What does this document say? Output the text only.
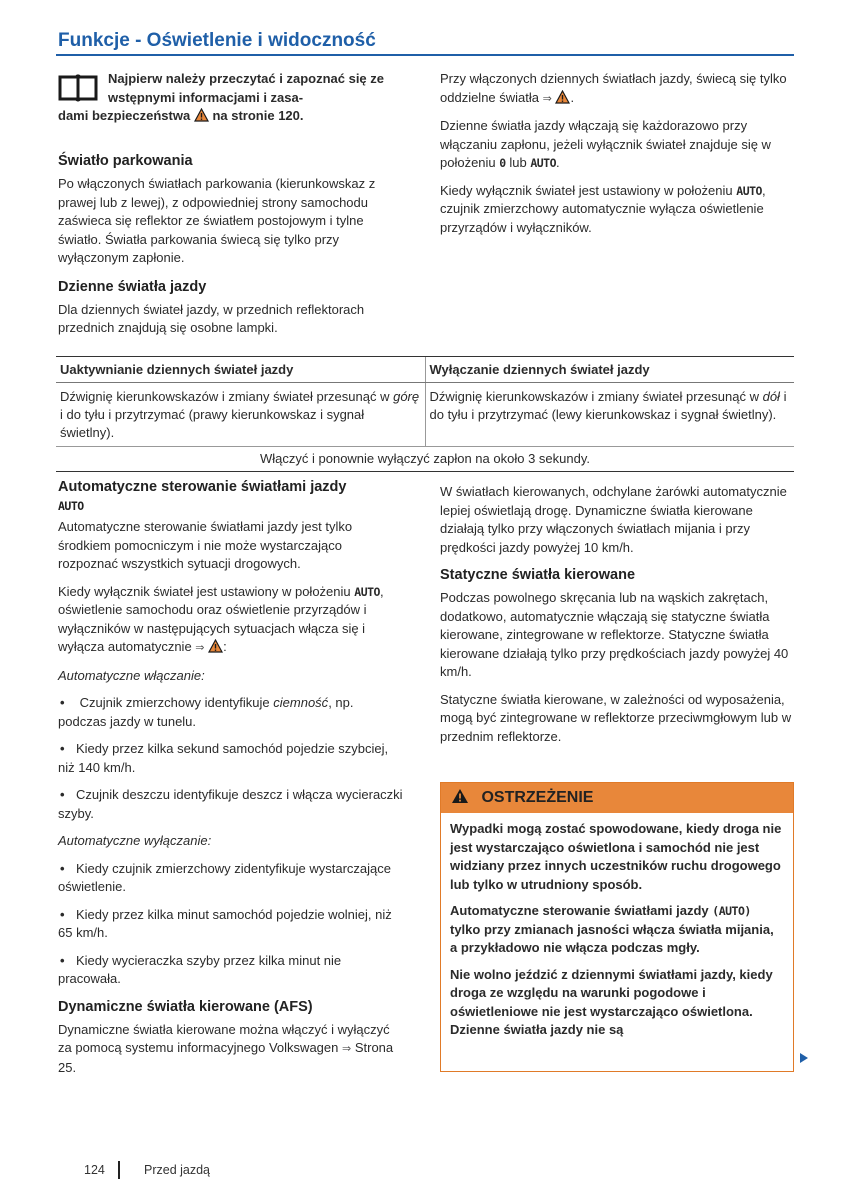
Funkcje - Oświetlenie i widoczność
Najpierw należy przeczytać i zapoznać się ze wstępnymi informacjami i zasa-
dami bezpieczeństwa na stronie 120.
Światło parkowania

Po włączonych światłach parkowania (kierunkowskaz z prawej lub z lewej), z odpowiedniej strony samochodu zaświeca się reflektor ze światłem postojowym i tylne światło. Światła parkowania świecą się tylko przy wyłączonym zapłonie.

Dzienne światła jazdy

Dla dziennych świateł jazdy, w przednich reflektorach przednich znajdują się osobne lampki.

Przy włączonych dziennych światłach jazdy, świecą się tylko oddzielne światła ⇒ .

Dzienne światła jazdy włączają się każdorazowo przy włączaniu zapłonu, jeżeli wyłącznik świateł znajduje się w położeniu 0 lub AUTO.

Kiedy wyłącznik świateł jest ustawiony w położeniu AUTO, czujnik zmierzchowy automatycznie wyłącza oświetlenie przyrządów i wyłączników.

Uaktywnianie dziennych świateł jazdy	Wyłączanie dziennych świateł jazdy
Dźwignię kierunkowskazów i zmiany świateł przesunąć w górę i do tyłu i przytrzymać (prawy kierunkowskaz i sygnał świetlny).	Dźwignię kierunkowskazów i zmiany świateł przesunąć w dół i do tyłu i przytrzymać (lewy kierunkowskaz i sygnał świetlny).
Włączyć i ponownie wyłączyć zapłon na około 3 sekundy.	
Automatyczne sterowanie światłami jazdy
AUTO

Automatyczne sterowanie światłami jazdy jest tylko środkiem pomocniczym i nie może wystarczająco rozpoznać wszystkich sytuacji drogowych.

Kiedy wyłącznik świateł jest ustawiony w położeniu AUTO, oświetlenie samochodu oraz oświetlenie przyrządów i wyłączników w następujących sytuacjach włącza się i wyłącza automatycznie ⇒ :

Automatyczne włączanie:

• Czujnik zmierzchowy identyfikuje ciemność, np. podczas jazdy w tunelu.

• Kiedy przez kilka sekund samochód pojedzie szybciej, niż 140 km/h.

• Czujnik deszczu identyfikuje deszcz i włącza wycieraczki szyby.

Automatyczne wyłączanie:

• Kiedy czujnik zmierzchowy zidentyfikuje wystarczające oświetlenie.

• Kiedy przez kilka minut samochód pojedzie wolniej, niż 65 km/h.

• Kiedy wycieraczka szyby przez kilka minut nie pracowała.

Dynamiczne światła kierowane (AFS)

Dynamiczne światła kierowane można włączyć i wyłączyć za pomocą systemu informacyjnego Volkswagen ⇒ Strona 25.

W światłach kierowanych, odchylane żarówki automatycznie lepiej oświetlają drogę. Dynamiczne światła kierowane działają tylko przy włączonych światłach mijania i przy prędkości jazdy powyżej 10 km/h.

Statyczne światła kierowane

Podczas powolnego skręcania lub na wąskich zakrętach, dodatkowo, automatycznie włączają się statyczne światła kierowane, zintegrowane w reflektorze. Statyczne światła kierowane działają tylko przy prędkościach jazdy powyżej 40 km/h.

Statyczne światła kierowane, w zależności od wyposażenia, mogą być zintegrowane w reflektorze przeciwmgłowym lub w przednim reflektorze.

OSTRZEŻENIE

Wypadki mogą zostać spowodowane, kiedy droga nie jest wystarczająco oświetlona i samochód nie jest widziany przez innych uczestników ruchu drogowego lub tylko w utrudniony sposób.

Automatyczne sterowanie światłami jazdy (AUTO) tylko przy zmianach jasności włącza światła mijania, a przykładowo nie włącza podczas mgły.

Nie wolno jeździć z dziennymi światłami jazdy, kiedy droga ze względu na warunki pogodowe i oświetleniowe nie jest wystarczająco oświetlona. Dzienne światła jazdy nie są

124	Przed jazdą
